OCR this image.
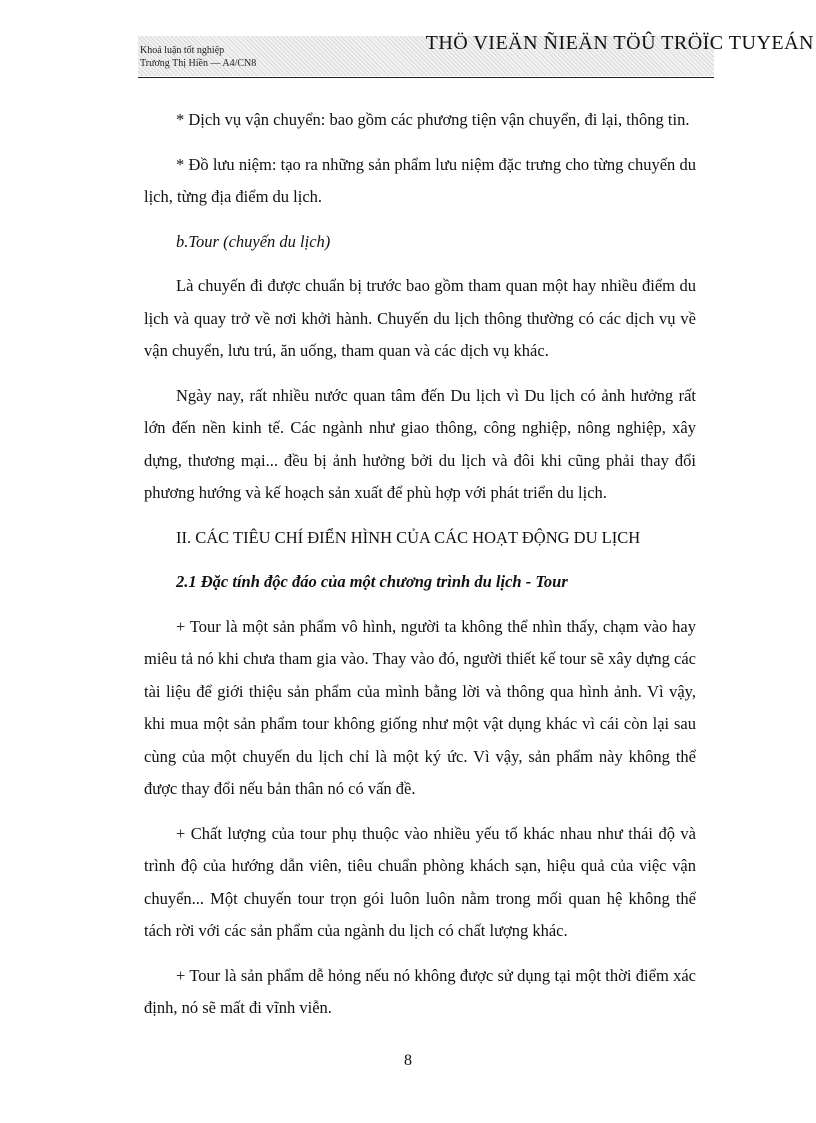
Khoá luận tốt nghiệp
Trương Thị Hiền — A4/CN8
THÖ VIEÄN ÑIEÄN TÖÛ TRÖÏC TUYEÁN

* Dịch vụ vận chuyển: bao gồm các phương tiện vận chuyển, đi lại, thông tin.

* Đồ lưu niệm: tạo ra những sản phẩm lưu niệm đặc trưng cho từng chuyến du lịch, từng địa điểm du lịch.

b.Tour (chuyến du lịch)

Là chuyến đi được chuẩn bị trước bao gồm tham quan một hay nhiều điểm du lịch và quay trở về nơi khởi hành. Chuyến du lịch thông thường có các dịch vụ về vận chuyển, lưu trú, ăn uống, tham quan và các dịch vụ khác.

Ngày nay, rất nhiều nước quan tâm đến Du lịch vì Du lịch có ảnh hưởng rất lớn đến nền kinh tế. Các ngành như giao thông, công nghiệp, nông nghiệp, xây dựng, thương mại... đều bị ảnh hưởng bởi du lịch và đôi khi cũng phải thay đổi phương hướng và kế hoạch sản xuất để phù hợp với phát triển du lịch.

II. CÁC TIÊU CHÍ ĐIỂN HÌNH CỦA CÁC HOẠT ĐỘNG DU LỊCH

2.1 Đặc tính độc đáo của một chương trình du lịch - Tour

+ Tour là một sản phẩm vô hình, người ta không thể nhìn thấy, chạm vào hay miêu tả nó khi chưa tham gia vào. Thay vào đó, người thiết kế tour sẽ xây dựng các tài liệu để giới thiệu sản phẩm của mình bằng lời và thông qua hình ảnh. Vì vậy, khi mua một sản phẩm tour không giống như một vật dụng khác vì cái còn lại sau cùng của một chuyến du lịch chỉ là một ký ức. Vì vậy, sản phẩm này không thể được thay đổi nếu bản thân nó có vấn đề.

+ Chất lượng của tour phụ thuộc vào nhiều yếu tố khác nhau như thái độ và trình độ của hướng dẫn viên, tiêu chuẩn phòng khách sạn, hiệu quả của việc vận chuyển... Một chuyến tour trọn gói luôn luôn nằm trong mối quan hệ không thể tách rời với các sản phẩm của ngành du lịch có chất lượng khác.

+ Tour là sản phẩm dễ hỏng nếu nó không được sử dụng tại một thời điểm xác định, nó sẽ mất đi vĩnh viễn.

8
